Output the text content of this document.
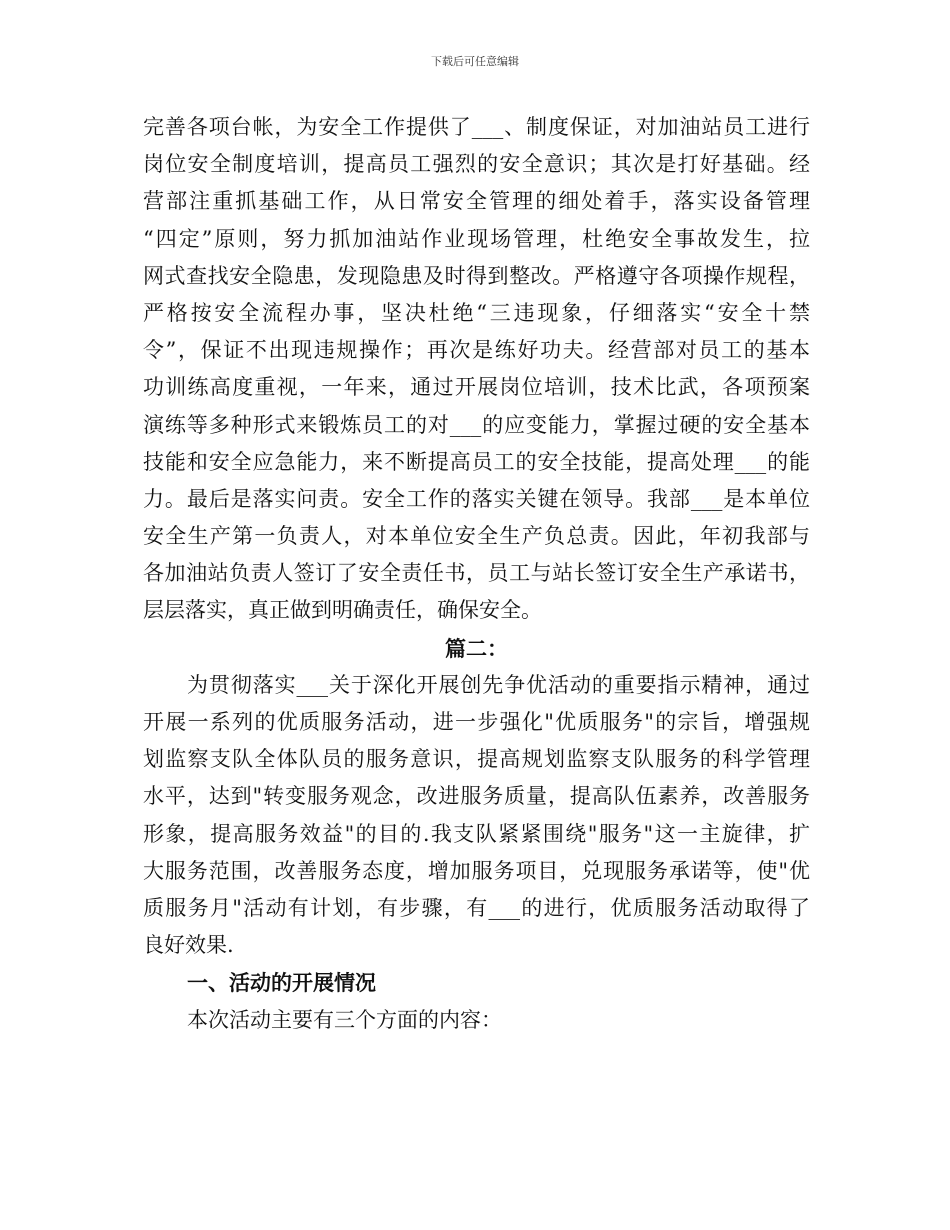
下载后可任意编辑
完善各项台帐，为安全工作提供了___、制度保证，对加油站员工进行
岗位安全制度培训，提高员工强烈的安全意识；其次是打好基础。经
营部注重抓基础工作，从日常安全管理的细处着手，落实设备管理
“四定”原则，努力抓加油站作业现场管理，杜绝安全事故发生，拉
网式查找安全隐患，发现隐患及时得到整改。严格遵守各项操作规程，
严格按安全流程办事，坚决杜绝“三违现象，仔细落实“安全十禁
令”，保证不出现违规操作；再次是练好功夫。经营部对员工的基本
功训练高度重视，一年来，通过开展岗位培训，技术比武，各项预案
演练等多种形式来锻炼员工的对___的应变能力，掌握过硬的安全基本
技能和安全应急能力，来不断提高员工的安全技能，提高处理___的能
力。最后是落实问责。安全工作的落实关键在领导。我部___是本单位
安全生产第一负责人，对本单位安全生产负总责。因此，年初我部与
各加油站负责人签订了安全责任书，员工与站长签订安全生产承诺书，
层层落实，真正做到明确责任，确保安全。
篇二：
为贯彻落实___关于深化开展创先争优活动的重要指示精神，通过
开展一系列的优质服务活动，进一步强化"优质服务"的宗旨，增强规
划监察支队全体队员的服务意识，提高规划监察支队服务的科学管理
水平，达到"转变服务观念，改进服务质量，提高队伍素养，改善服务
形象，提高服务效益"的目的.我支队紧紧围绕"服务"这一主旋律，扩
大服务范围，改善服务态度，增加服务项目，兑现服务承诺等，使"优
质服务月"活动有计划，有步骤，有___的进行，优质服务活动取得了
良好效果.
一、活动的开展情况
本次活动主要有三个方面的内容：
